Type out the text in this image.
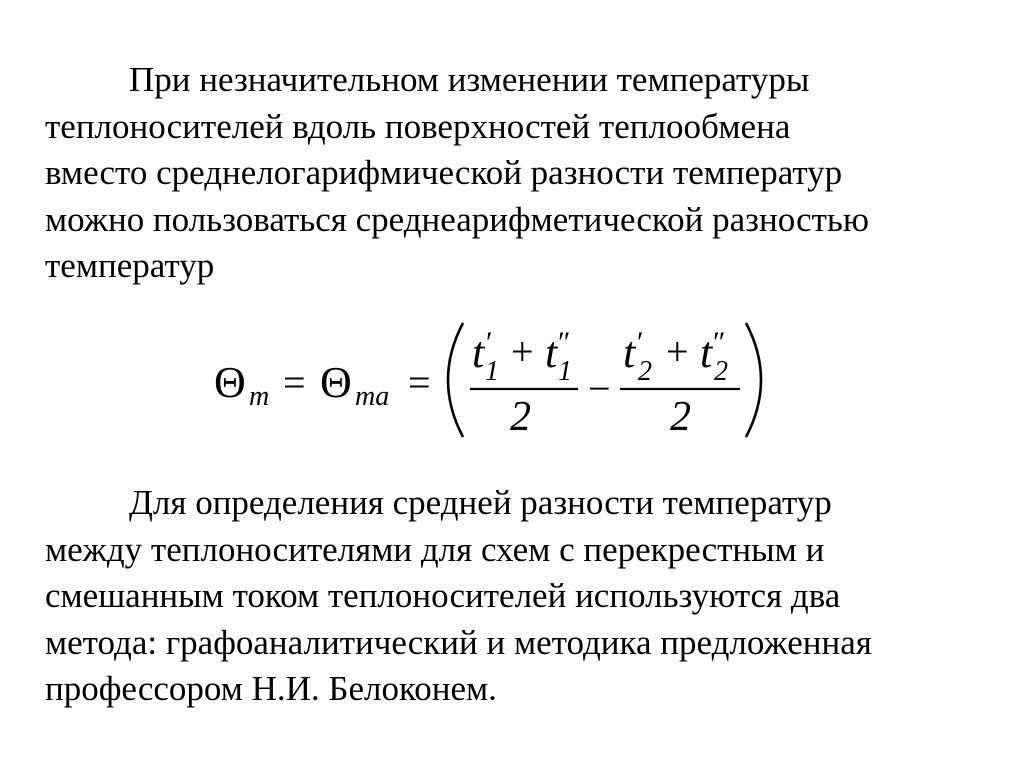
При незначительном изменении температуры
теплоносителей вдоль поверхностей теплообмена
вместо среднелогарифмической разности температур
можно пользоваться среднеарифметической разностью
температур
Θ m = Θ ma =
t ′
1 + t ″
1
2
−
t ′
2 + t ″
2
2
Для определения средней разности температур
между теплоносителями для схем с перекрестным и
смешанным током теплоносителей используются два
метода: графоаналитический и методика предложенная
профессором Н.И. Белоконем.
